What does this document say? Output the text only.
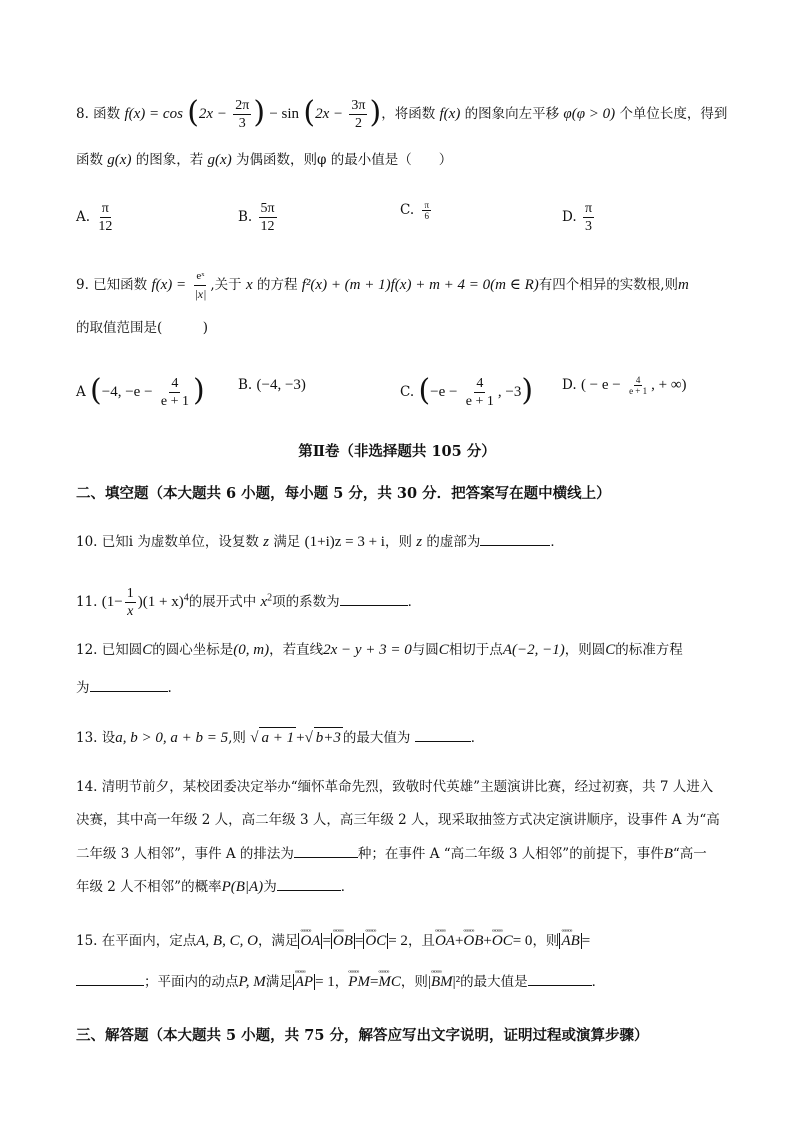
8. 函数 $f(x) = \cos (2x - \frac{2\pi}{3}$ ) − $\sin (2x - \frac{3\pi}{2}$ )，将函数 f(x) 的图象向左平移 φ(φ > 0) 个单位长度，得到
函数 g(x) 的图象，若 g(x) 为偶函数，则φ 的最小值是（　　）
A. $\frac{\pi}{12}$	B. $\frac{5\pi}{12}$	C. $\frac{\pi}{6}$	D. $\frac{\pi}{3}$
9. 已知函数 $f(x) = \frac{\text{eˣ}}{|x|}$ ,关于 x 的方程 f²(x) + (m + 1)f(x) + m + 4 = 0(m ∈ R)有四个相异的实数根,则m
的取值范围是(　　　)
A (−4, $-e - \frac{4}{e + 1}$ ) B. (−4, −3)	C. ($-e - \frac{4}{e + 1}$ , −3) D. ( − $e - \frac{4}{e + 1}$ , + ∞)
第Ⅱ卷（非选择题共 105 分）
二、填空题（本大题共 6 小题，每小题 5 分，共 30 分．把答案写在题中横线上）
10. 已知i 为虚数单位，设复数 z 满足 (1+i)z = 3 + i，则 z 的虚部为	．
11. $(1- \frac{1}{x} )(1 + x)^4$的展开式中 $x^2$项的系数为	．
12. 已知圆C的圆心坐标是(0, m)，若直线2x − y + 3 = 0与圆C相切于点A(−2, −1)，则圆C的标准方程
为	.
13. 设a, b > 0, a + b = 5,则 √ a + 1 +√ b+3 的最大值为	．
14. 清明节前夕，某校团委决定举办“缅怀革命先烈，致敬时代英雄”主题演讲比赛，经过初赛，共 7 人进入
决赛，其中高一年级 2 人，高二年级 3 人，高三年级 2 人，现采取抽签方式决定演讲顺序，设事件 A 为“高
二年级 3 人相邻”，事件 A 的排法为	种；在事件 A “高二年级 3 人相邻”的前提下，事件B“高一
年级 2 人不相邻”的概率P(B|A)为	．
15. 在平面内，定点A, B, C, O，满足 ꟹꟹꟹ OA = ꟹꟹꟹ OB = ꟹꟹꟹ OC = 2，且ꟹꟹꟹ OA+ꟹꟹꟹ OB+ꟹꟹꟹ OC= 0，则 ꟹꟹꟹ AB =
；平面内的动点P, M满足 ꟹꟹꟹ AP = 1，ꟹꟹꟹ PM=ꟹꟹꟹ MC，则|ꟹꟹꟹ BM|²的最大值是	．
三、解答题（本大题共 5 小题，共 75 分，解答应写出文字说明，证明过程或演算步骤）
